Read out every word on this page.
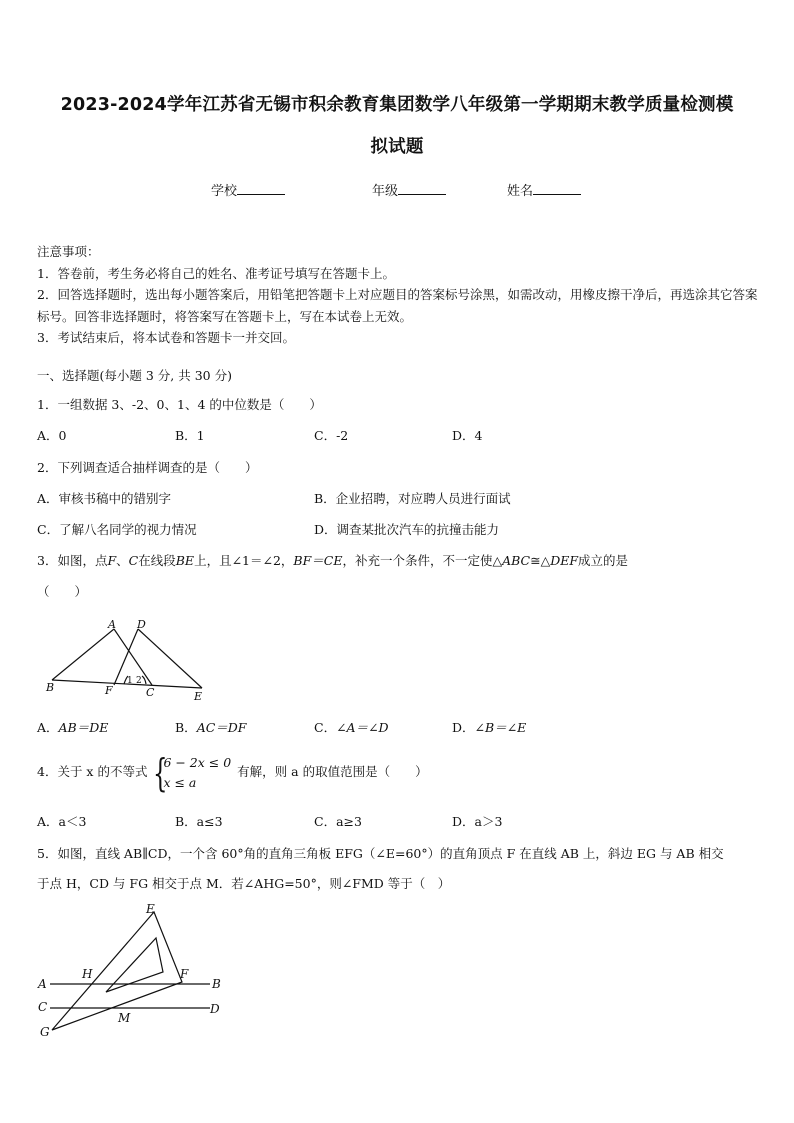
2023-2024学年江苏省无锡市积余教育集团数学八年级第一学期期末教学质量检测模
拟试题
学校	年级	姓名
注意事项：
1．答卷前，考生务必将自己的姓名、准考证号填写在答题卡上。
2．回答选择题时，选出每小题答案后，用铅笔把答题卡上对应题目的答案标号涂黑，如需改动，用橡皮擦干净后，再选涂其它答案标号。回答非选择题时，将答案写在答题卡上，写在本试卷上无效。
3．考试结束后，将本试卷和答题卡一并交回。
一、选择题(每小题 3 分, 共 30 分)
1．一组数据 3、-2、0、1、4 的中位数是（　　）
A．0	B．1	C．-2	D．4
2．下列调查适合抽样调查的是（　　）
A．审核书稿中的错别字	B．企业招聘，对应聘人员进行面试
C．了解八名同学的视力情况	D．调查某批次汽车的抗撞击能力
3．如图，点F、C在线段BE上，且∠1＝∠2，BF＝CE，补充一个条件，不一定使△ABC≅△DEF成立的是
（　　）
A D
B	F	C	E
1 2
A．AB＝DE	B．AC＝DF	C．∠A＝∠D	D．∠B＝∠E
4．关于 x 的不等式 {
6 − 2x ≤ 0
x ≤ a
有解，则 a 的取值范围是（　　）
A．a＜3	B．a≤3	C．a≥3	D．a＞3
5．如图，直线 AB∥CD，一个含 60°角的直角三角板 EFG（∠E=60°）的直角顶点 F 在直线 AB 上，斜边 EG 与 AB 相交
于点 H，CD 与 FG 相交于点 M．若∠AHG=50°，则∠FMD 等于（　）
E
H	F
A	B
C	D
M
G
